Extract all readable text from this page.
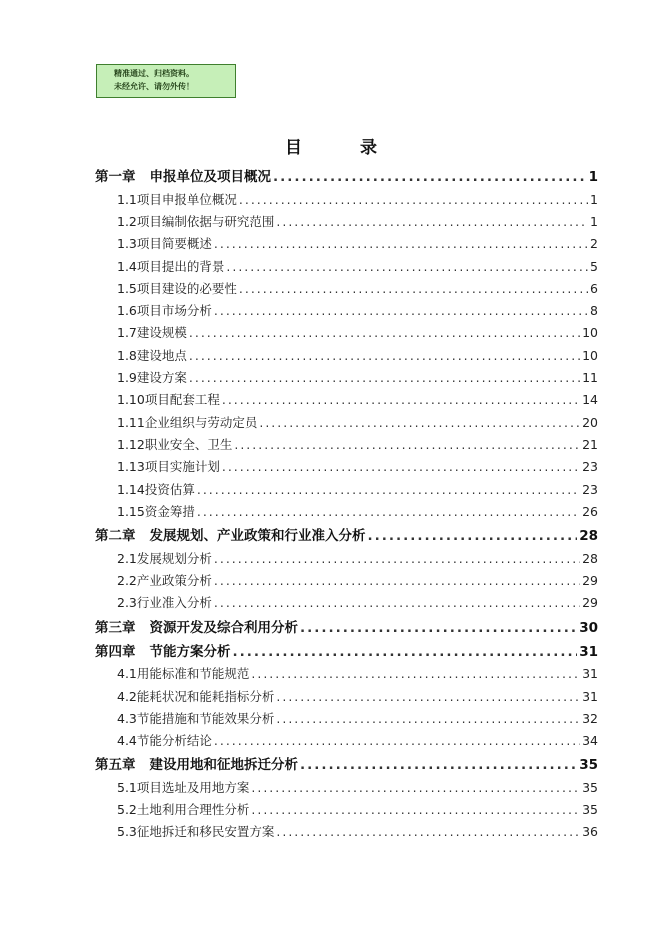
精准通过、归档资料。
未经允许、请勿外传！
目 录
第一章 申报单位及项目概况 .....	1
1.1项目申报单位概况 .....	1
1.2项目编制依据与研究范围 .....	1
1.3项目简要概述 .....	2
1.4项目提出的背景 .....	5
1.5项目建设的必要性 .....	6
1.6项目市场分析 .....	8
1.7建设规模 .....	10
1.8建设地点 .....	10
1.9建设方案 .....	11
1.10项目配套工程 .....	14
1.11企业组织与劳动定员 .....	20
1.12职业安全、卫生 .....	21
1.13项目实施计划 .....	23
1.14投资估算 .....	23
1.15资金筹措 .....	26
第二章 发展规划、产业政策和行业准入分析 .....	28
2.1发展规划分析 .....	28
2.2产业政策分析 .....	29
2.3行业准入分析 .....	29
第三章 资源开发及综合利用分析 .....	30
第四章 节能方案分析 .....	31
4.1用能标准和节能规范 .....	31
4.2能耗状况和能耗指标分析 .....	31
4.3节能措施和节能效果分析 .....	32
4.4节能分析结论 .....	34
第五章 建设用地和征地拆迁分析 .....	35
5.1项目选址及用地方案 .....	35
5.2土地利用合理性分析 .....	35
5.3征地拆迁和移民安置方案 .....	36
